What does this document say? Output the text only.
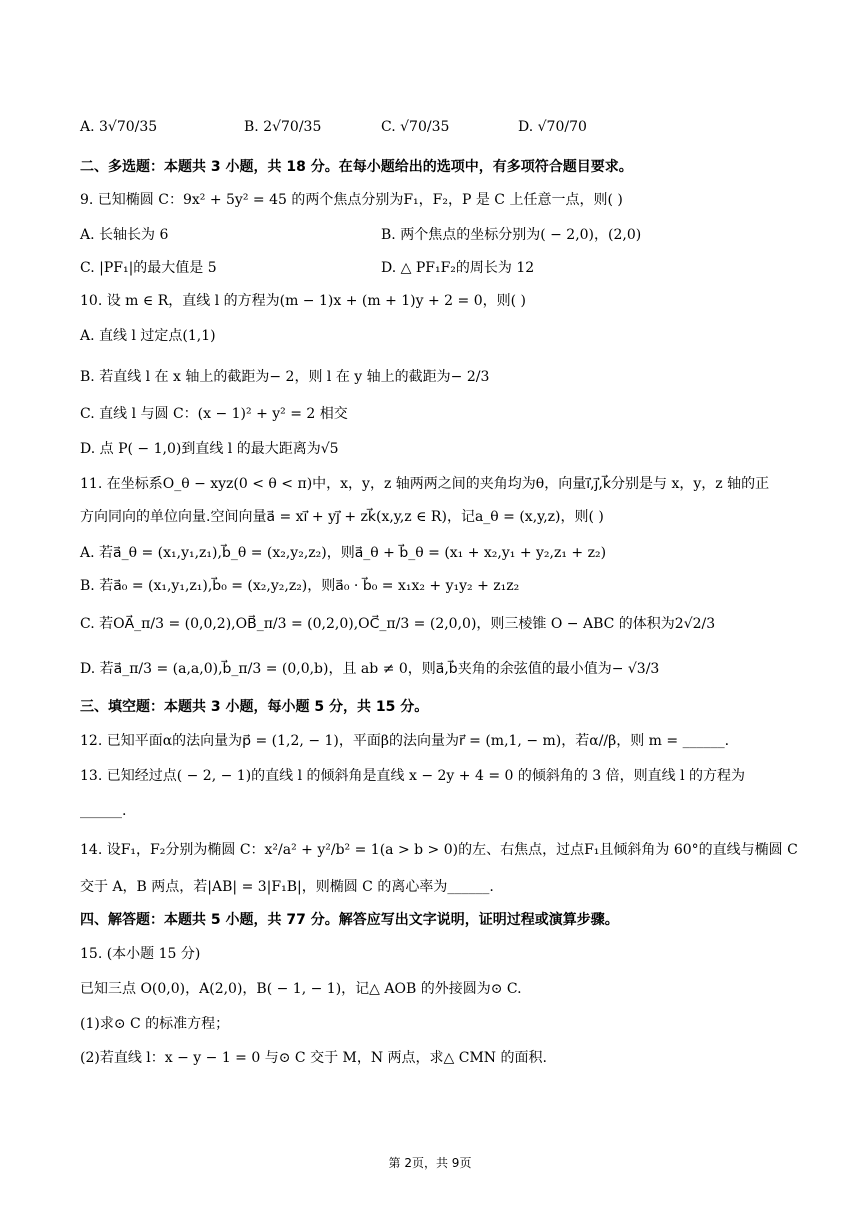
A. 3√70/35	B. 2√70/35	C. √70/35	D. √70/70
二、多选题：本题共 3 小题，共 18 分。在每小题给出的选项中，有多项符合题目要求。
9. 已知椭圆 C：9x² + 5y² = 45 的两个焦点分别为F₁，F₂，P 是 C 上任意一点，则( )
A. 长轴长为 6	B. 两个焦点的坐标分别为( − 2,0)，(2,0)
C. |PF₁|的最大值是 5	D. △ PF₁F₂的周长为 12
10. 设 m ∈ R，直线 l 的方程为(m − 1)x + (m + 1)y + 2 = 0，则( )
A. 直线 l 过定点(1,1)
B. 若直线 l 在 x 轴上的截距为− 2，则 l 在 y 轴上的截距为− 2/3
C. 直线 l 与圆 C：(x − 1)² + y² = 2 相交
D. 点 P( − 1,0)到直线 l 的最大距离为√5
11. 在坐标系O_θ − xyz(0 < θ < π)中，x，y，z 轴两两之间的夹角均为θ，向量i⃗,j⃗,k⃗分别是与 x，y，z 轴的正
方向同向的单位向量.空间向量a⃗ = xi⃗ + yj⃗ + zk⃗(x,y,z ∈ R)，记a_θ = (x,y,z)，则( )
A. 若a⃗_θ = (x₁,y₁,z₁),b⃗_θ = (x₂,y₂,z₂)，则a⃗_θ + b⃗_θ = (x₁ + x₂,y₁ + y₂,z₁ + z₂)
B. 若a⃗₀ = (x₁,y₁,z₁),b⃗₀ = (x₂,y₂,z₂)，则a⃗₀ · b⃗₀ = x₁x₂ + y₁y₂ + z₁z₂
C. 若OA⃗_π/3 = (0,0,2),OB⃗_π/3 = (0,2,0),OC⃗_π/3 = (2,0,0)，则三棱锥 O − ABC 的体积为2√2/3
D. 若a⃗_π/3 = (a,a,0),b⃗_π/3 = (0,0,b)，且 ab ≠ 0，则a⃗,b⃗夹角的余弦值的最小值为− √3/3
三、填空题：本题共 3 小题，每小题 5 分，共 15 分。
12. 已知平面α的法向量为p⃗ = (1,2, − 1)，平面β的法向量为r⃗ = (m,1, − m)，若α//β，则 m = ______.
13. 已知经过点( − 2, − 1)的直线 l 的倾斜角是直线 x − 2y + 4 = 0 的倾斜角的 3 倍，则直线 l 的方程为
______.
14. 设F₁，F₂分别为椭圆 C：x²/a² + y²/b² = 1(a > b > 0)的左、右焦点，过点F₁且倾斜角为 60°的直线与椭圆 C
交于 A，B 两点，若|AB| = 3|F₁B|，则椭圆 C 的离心率为______.
四、解答题：本题共 5 小题，共 77 分。解答应写出文字说明，证明过程或演算步骤。
15. (本小题 15 分)
已知三点 O(0,0)，A(2,0)，B( − 1, − 1)，记△ AOB 的外接圆为⊙ C.
(1)求⊙ C 的标准方程；
(2)若直线 l：x − y − 1 = 0 与⊙ C 交于 M，N 两点，求△ CMN 的面积.
第 2页，共 9页
